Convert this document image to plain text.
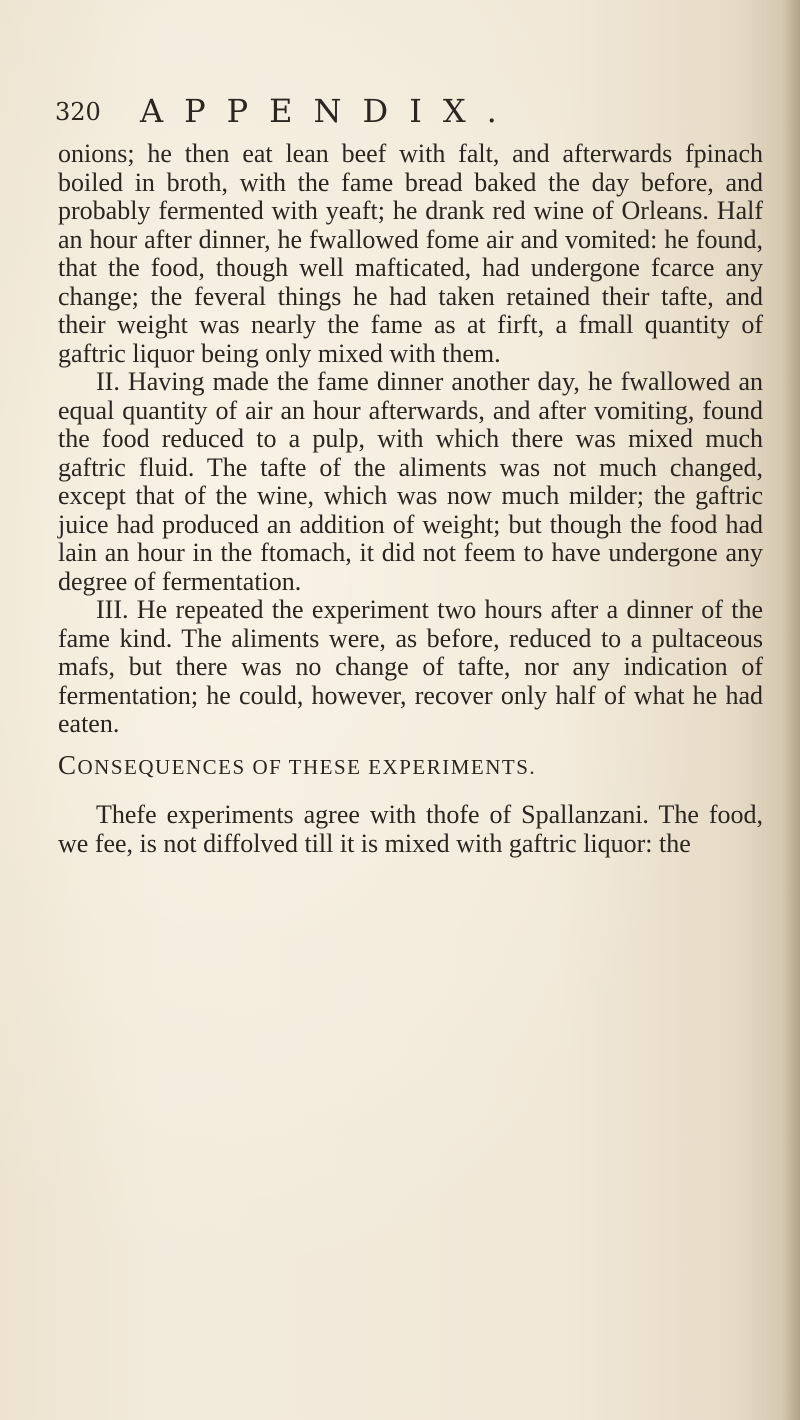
320 APPENDIX.

onions; he then eat lean beef with falt, and afterwards fpinach boiled in broth, with the fame bread baked the day before, and probably fermented with yeaft; he drank red wine of Orleans. Half an hour after dinner, he fwallowed fome air and vomited: he found, that the food, though well mafticated, had undergone fcarce any change; the feveral things he had taken retained their tafte, and their weight was nearly the fame as at firft, a fmall quantity of gaftric liquor being only mixed with them.

II. Having made the fame dinner another day, he fwallowed an equal quantity of air an hour afterwards, and after vomiting, found the food reduced to a pulp, with which there was mixed much gaftric fluid. The tafte of the aliments was not much changed, except that of the wine, which was now much milder; the gaftric juice had produced an addition of weight; but though the food had lain an hour in the ftomach, it did not feem to have undergone any degree of fermentation.

III. He repeated the experiment two hours after a dinner of the fame kind. The aliments were, as before, reduced to a pultaceous mafs, but there was no change of tafte, nor any indication of fermentation; he could, however, recover only half of what he had eaten.

CONSEQUENCES OF THESE EXPERIMENTS.

Thefe experiments agree with thofe of Spallanzani. The food, we fee, is not diffolved till it is mixed with gaftric liquor: the
